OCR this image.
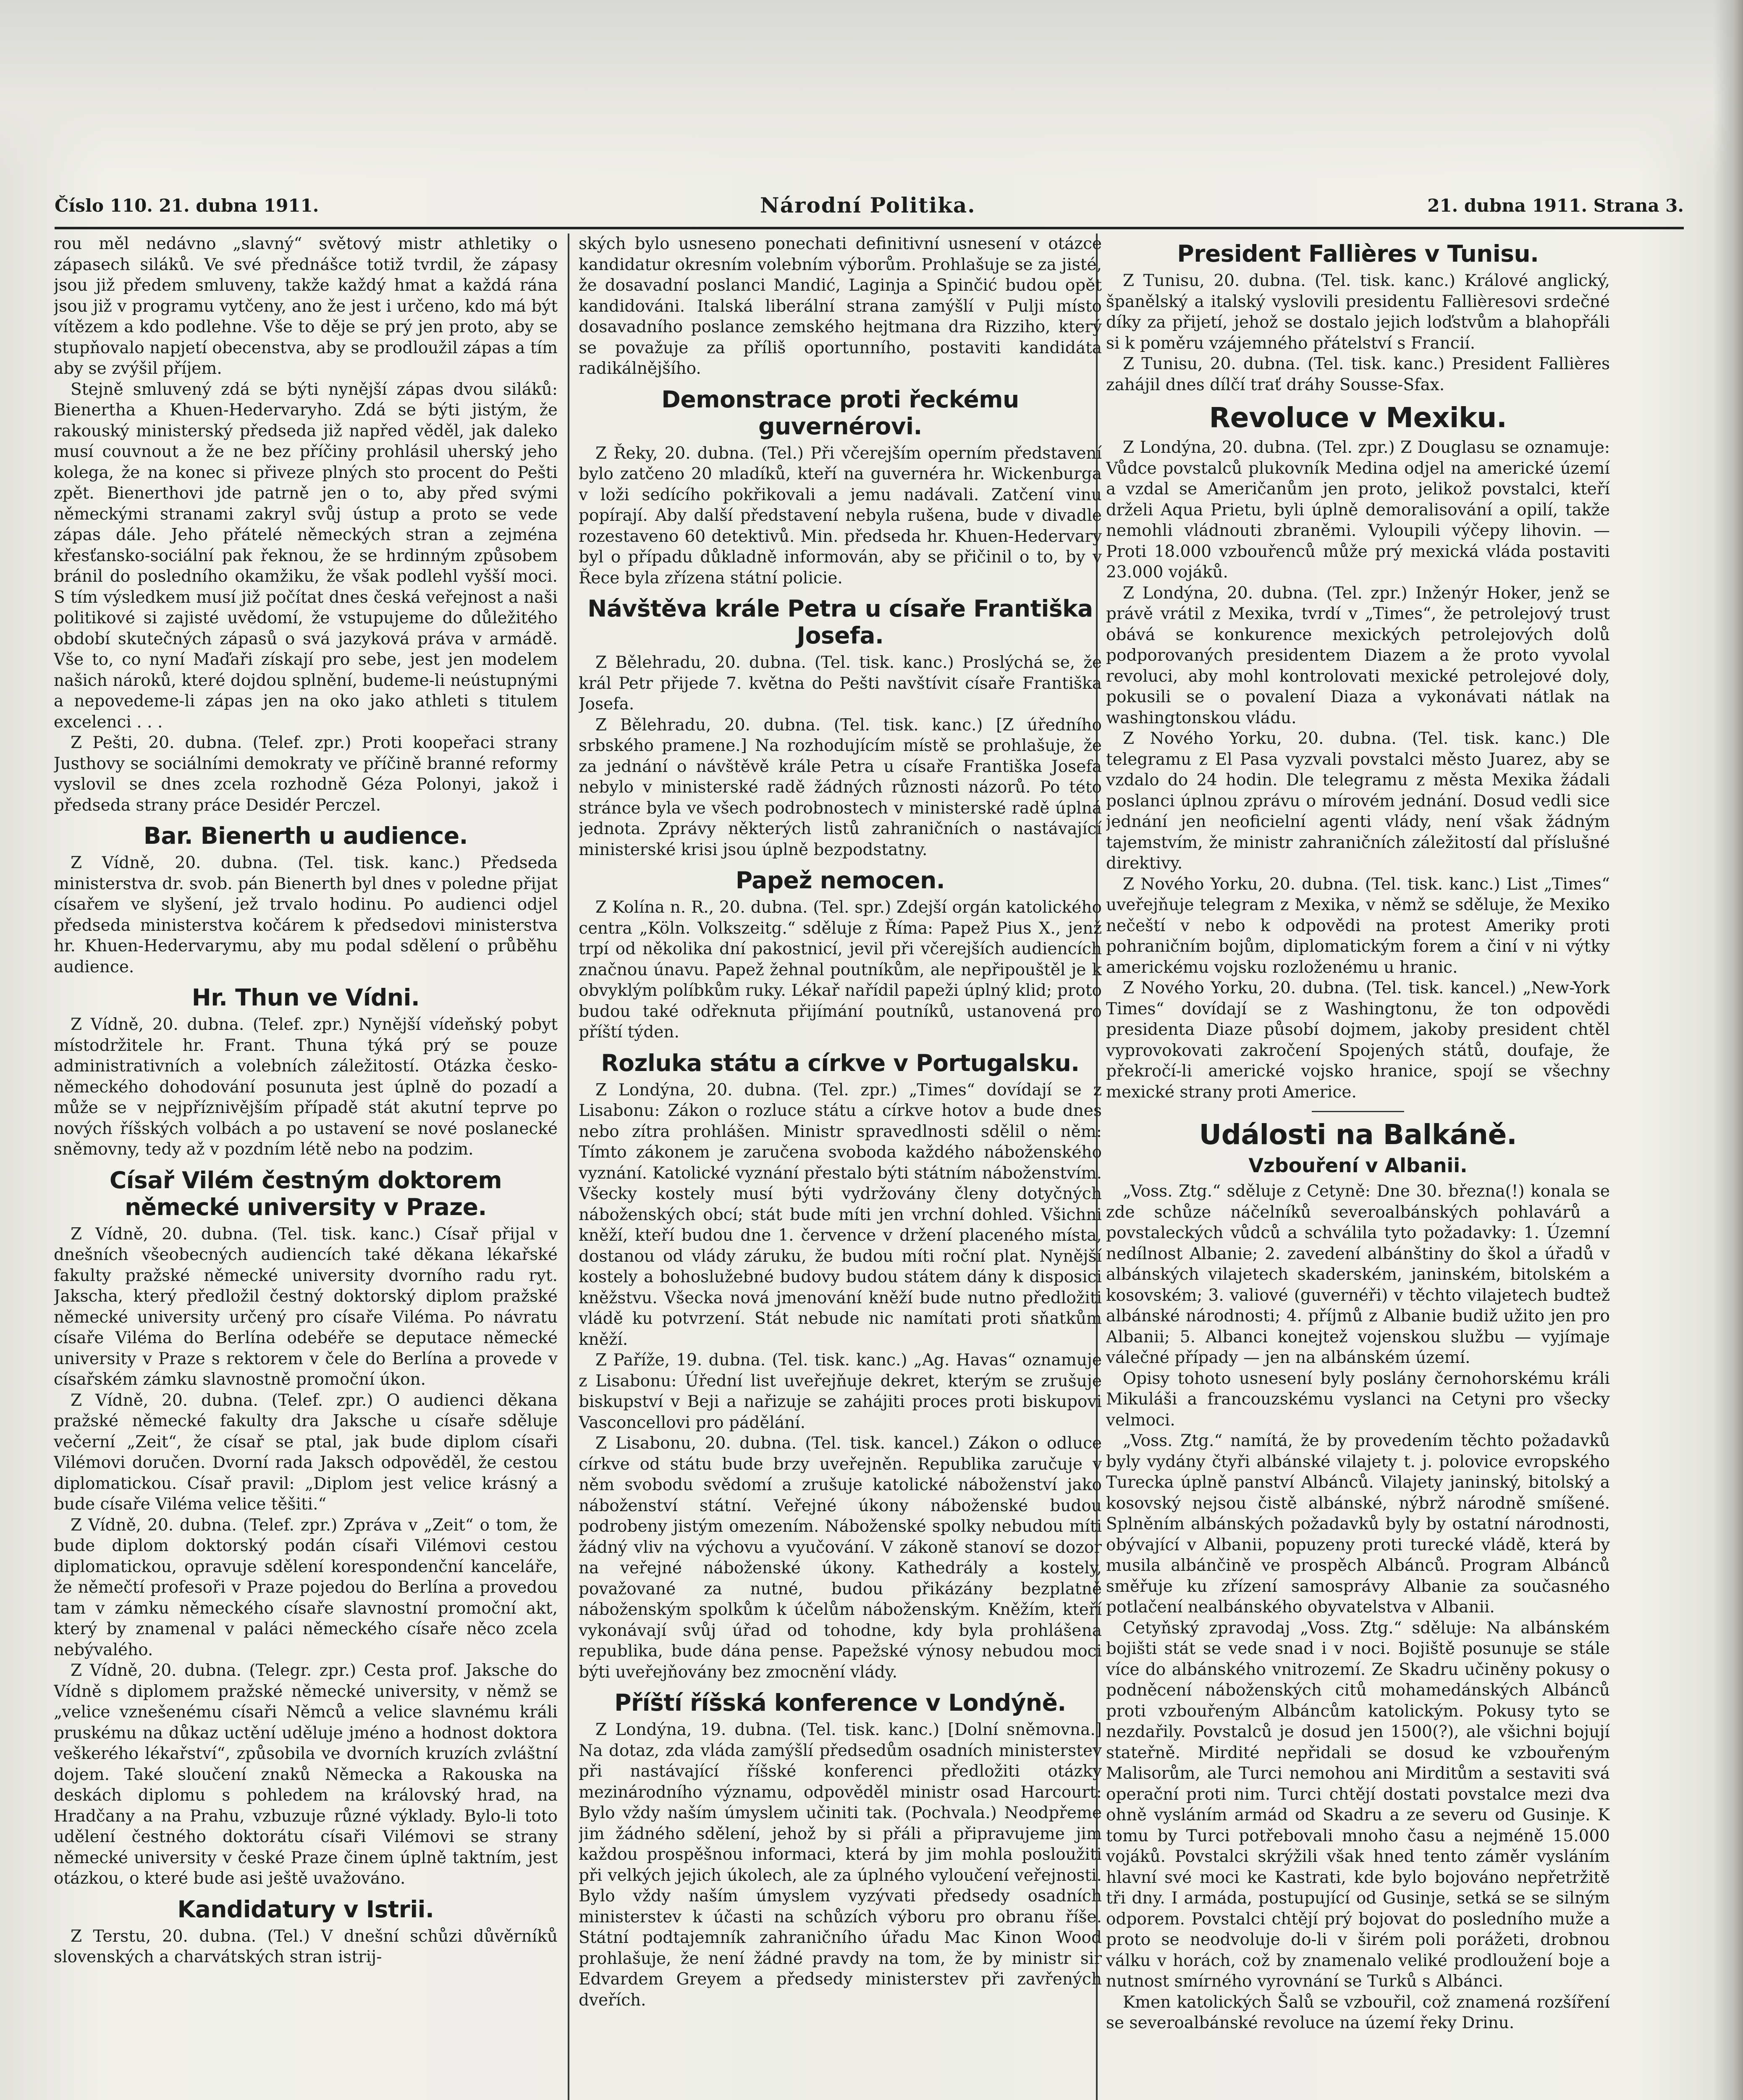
Číslo 110. 21. dubna 1911.	Národní Politika.	21. dubna 1911. Strana 3.

rou měl nedávno „slavný“ světový mistr athletiky o zápasech siláků. Ve své přednášce totiž tvrdil, že zápasy jsou již předem smluveny, takže každý hmat a každá rána jsou již v programu vytčeny, ano že jest i určeno, kdo má být vítězem a kdo podlehne. Vše to děje se prý jen proto, aby se stupňovalo napjetí obecenstva, aby se prodloužil zápas a tím aby se zvýšil příjem.

Stejně smluvený zdá se býti nynější zápas dvou siláků: Bienertha a Khuen-Hedervaryho. Zdá se býti jistým, že rakouský ministerský předseda již napřed věděl, jak daleko musí couvnout a že ne bez příčiny prohlásil uherský jeho kolega, že na konec si přiveze plných sto procent do Pešti zpět. Bienerthovi jde patrně jen o to, aby před svými německými stranami zakryl svůj ústup a proto se vede zápas dále. Jeho přátelé německých stran a zejména křesťansko-sociální pak řeknou, že se hrdinným způsobem bránil do posledního okamžiku, že však podlehl vyšší moci. S tím výsledkem musí již počítat dnes česká veřejnost a naši politikové si zajisté uvědomí, že vstupujeme do důležitého období skutečných zápasů o svá jazyková práva v armádě. Vše to, co nyní Maďaři získají pro sebe, jest jen modelem našich nároků, které dojdou splnění, budeme-li neústupnými a nepovedeme-li zápas jen na oko jako athleti s titulem excelenci . . .

Z Pešti, 20. dubna. (Telef. zpr.) Proti koopeřaci strany Justhovy se sociálními demokraty ve příčině branné reformy vyslovil se dnes zcela rozhodně Géza Polonyi, jakož i předseda strany práce Desidér Perczel.

Bar. Bienerth u audience.

Z Vídně, 20. dubna. (Tel. tisk. kanc.) Předseda ministerstva dr. svob. pán Bienerth byl dnes v poledne přijat císařem ve slyšení, jež trvalo hodinu. Po audienci odjel předseda ministerstva kočárem k předsedovi ministerstva hr. Khuen-Hedervarymu, aby mu podal sdělení o průběhu audience.

Hr. Thun ve Vídni.

Z Vídně, 20. dubna. (Telef. zpr.) Nynější vídeňský pobyt místodržitele hr. Frant. Thuna týká prý se pouze administrativních a volebních záležitostí. Otázka česko-německého dohodování posunuta jest úplně do pozadí a může se v nejpříznivějším případě stát akutní teprve po nových říšských volbách a po ustavení se nové poslanecké sněmovny, tedy až v pozdním létě nebo na podzim.

Císař Vilém čestným doktorem německé university v Praze.

Z Vídně, 20. dubna. (Tel. tisk. kanc.) Císař přijal v dnešních všeobecných audiencích také děkana lékařské fakulty pražské německé university dvorního radu ryt. Jakscha, který předložil čestný doktorský diplom pražské německé university určený pro císaře Viléma. Po návratu císaře Viléma do Berlína odebéře se deputace německé university v Praze s rektorem v čele do Berlína a provede v císařském zámku slavnostně promoční úkon.

Z Vídně, 20. dubna. (Telef. zpr.) O audienci děkana pražské německé fakulty dra Jaksche u císaře sděluje večerní „Zeit“, že císař se ptal, jak bude diplom císaři Vilémovi doručen. Dvorní rada Jaksch odpověděl, že cestou diplomatickou. Císař pravil: „Diplom jest velice krásný a bude císaře Viléma velice těšiti.“

Z Vídně, 20. dubna. (Telef. zpr.) Zpráva v „Zeit“ o tom, že bude diplom doktorský podán císaři Vilémovi cestou diplomatickou, opravuje sdělení korespondenční kanceláře, že němečtí profesoři v Praze pojedou do Berlína a provedou tam v zámku německého císaře slavnostní promoční akt, který by znamenal v paláci německého císaře něco zcela nebývalého.

Z Vídně, 20. dubna. (Telegr. zpr.) Cesta prof. Jaksche do Vídně s diplomem pražské německé university, v němž se „velice vznešenému císaři Němců a velice slavnému králi pruskému na důkaz uctění uděluje jméno a hodnost doktora veškerého lékařství“, způsobila ve dvorních kruzích zvláštní dojem. Také sloučení znaků Německa a Rakouska na deskách diplomu s pohledem na královský hrad, na Hradčany a na Prahu, vzbuzuje různé výklady. Bylo-li toto udělení čestného doktorátu císaři Vilémovi se strany německé university v české Praze činem úplně taktním, jest otázkou, o které bude asi ještě uvažováno.

Kandidatury v Istrii.

Z Terstu, 20. dubna. (Tel.) V dnešní schůzi důvěrníků slovenských a charvátských stran istrij-

ských bylo usneseno ponechati definitivní usnesení v otázce kandidatur okresním volebním výborům. Prohlašuje se za jisté, že dosavadní poslanci Mandić, Laginja a Spinčić budou opět kandidováni. Italská liberální strana zamýšlí v Pulji místo dosavadního poslance zemského hejtmana dra Rizziho, který se považuje za příliš oportunního, postaviti kandidáta radikálnějšího.

Demonstrace proti řeckému guvernérovi.

Z Řeky, 20. dubna. (Tel.) Při včerejším operním představení bylo zatčeno 20 mladíků, kteří na guvernéra hr. Wickenburga v loži sedícího pokřikovali a jemu nadávali. Zatčení vinu popírají. Aby další představení nebyla rušena, bude v divadle rozestaveno 60 detektivů. Min. předseda hr. Khuen-Hedervary byl o případu důkladně informován, aby se přičinil o to, by v Řece byla zřízena státní policie.

Návštěva krále Petra u císaře Františka Josefa.

Z Bělehradu, 20. dubna. (Tel. tisk. kanc.) Proslýchá se, že král Petr přijede 7. května do Pešti navštívit císaře Františka Josefa.

Z Bělehradu, 20. dubna. (Tel. tisk. kanc.) [Z úředního srbského pramene.] Na rozhodujícím místě se prohlašuje, že za jednání o návštěvě krále Petra u císaře Františka Josefa nebylo v ministerské radě žádných různosti názorů. Po této stránce byla ve všech podrobnostech v ministerské radě úplná jednota. Zprávy některých listů zahraničních o nastávající ministerské krisi jsou úplně bezpodstatny.

Papež nemocen.

Z Kolína n. R., 20. dubna. (Tel. spr.) Zdejší orgán katolického centra „Köln. Volkszeitg.“ sděluje z Říma: Papež Pius X., jenž trpí od několika dní pakostnicí, jevil při včerejších audiencích značnou únavu. Papež žehnal poutníkům, ale nepřipouštěl je k obvyklým políbkům ruky. Lékař nařídil papeži úplný klid; proto budou také odřeknuta přijímání poutníků, ustanovená pro příští týden.

Rozluka státu a církve v Portugalsku.

Z Londýna, 20. dubna. (Tel. zpr.) „Times“ dovídají se z Lisabonu: Zákon o rozluce státu a církve hotov a bude dnes nebo zítra prohlášen. Ministr spravedlnosti sdělil o něm: Tímto zákonem je zaručena svoboda každého náboženského vyznání. Katolické vyznání přestalo býti státním náboženstvím. Všecky kostely musí býti vydržovány členy dotyčných náboženských obcí; stát bude míti jen vrchní dohled. Všichni kněží, kteří budou dne 1. července v držení placeného místa, dostanou od vlády záruku, že budou míti roční plat. Nynější kostely a bohoslužebné budovy budou státem dány k disposici kněžstvu. Všecka nová jmenování kněží bude nutno předložiti vládě ku potvrzení. Stát nebude nic namítati proti sňatkům kněží.

Z Paříže, 19. dubna. (Tel. tisk. kanc.) „Ag. Havas“ oznamuje z Lisabonu: Úřední list uveřejňuje dekret, kterým se zrušuje biskupství v Beji a nařizuje se zahájiti proces proti biskupovi Vasconcellovi pro pádělání.

Z Lisabonu, 20. dubna. (Tel. tisk. kancel.) Zákon o odluce církve od státu bude brzy uveřejněn. Republika zaručuje v něm svobodu svědomí a zrušuje katolické náboženství jako náboženství státní. Veřejné úkony náboženské budou podrobeny jistým omezením. Náboženské spolky nebudou míti žádný vliv na výchovu a vyučování. V zákoně stanoví se dozor na veřejné náboženské úkony. Kathedrály a kostely, považované za nutné, budou přikázány bezplatně náboženským spolkům k účelům náboženským. Kněžím, kteří vykonávají svůj úřad od tohodne, kdy byla prohlášena republika, bude dána pense. Papežské výnosy nebudou moci býti uveřejňovány bez zmocnění vlády.

Příští říšská konference v Londýně.

Z Londýna, 19. dubna. (Tel. tisk. kanc.) [Dolní sněmovna.] Na dotaz, zda vláda zamýšlí předsedům osadních ministerstev při nastávající říšské konferenci předložiti otázky mezinárodního významu, odpověděl ministr osad Harcourt: Bylo vždy naším úmyslem učiniti tak. (Pochvala.) Neodpřeme jim žádného sdělení, jehož by si přáli a připravujeme jim každou prospěšnou informaci, která by jim mohla posloužiti při velkých jejich úkolech, ale za úplného vyloučení veřejnosti. Bylo vždy naším úmyslem vyzývati předsedy osadních ministerstev k účasti na schůzích výboru pro obranu říše. Státní podtajemník zahraničního úřadu Mac Kinon Wood prohlašuje, že není žádné pravdy na tom, že by ministr sir Edvardem Greyem a předsedy ministerstev při zavřených dveřích.

President Fallières v Tunisu.

Z Tunisu, 20. dubna. (Tel. tisk. kanc.) Králové anglický, španělský a italský vyslovili presidentu Fallièresovi srdečné díky za přijetí, jehož se dostalo jejich loďstvům a blahopřáli si k poměru vzájemného přátelství s Francií.

Z Tunisu, 20. dubna. (Tel. tisk. kanc.) President Fallières zahájil dnes dílčí trať dráhy Sousse-Sfax.

Revoluce v Mexiku.

Z Londýna, 20. dubna. (Tel. zpr.) Z Douglasu se oznamuje: Vůdce povstalců plukovník Medina odjel na americké území a vzdal se Američanům jen proto, jelikož povstalci, kteří drželi Aqua Prietu, byli úplně demoralisování a opilí, takže nemohli vládnouti zbraněmi. Vyloupili výčepy lihovin. — Proti 18.000 vzbouřenců může prý mexická vláda postaviti 23.000 vojáků.

Z Londýna, 20. dubna. (Tel. zpr.) Inženýr Hoker, jenž se právě vrátil z Mexika, tvrdí v „Times“, že petrolejový trust obává se konkurence mexických petrolejových dolů podporovaných presidentem Diazem a že proto vyvolal revoluci, aby mohl kontrolovati mexické petrolejové doly, pokusili se o povalení Diaza a vykonávati nátlak na washingtonskou vládu.

Z Nového Yorku, 20. dubna. (Tel. tisk. kanc.) Dle telegramu z El Pasa vyzvali povstalci město Juarez, aby se vzdalo do 24 hodin. Dle telegramu z města Mexika žádali poslanci úplnou zprávu o mírovém jednání. Dosud vedli sice jednání jen neoficielní agenti vlády, není však žádným tajemstvím, že ministr zahraničních záležitostí dal příslušné direktivy.

Z Nového Yorku, 20. dubna. (Tel. tisk. kanc.) List „Times“ uveřejňuje telegram z Mexika, v němž se sděluje, že Mexiko nečeští v nebo k odpovědi na protest Ameriky proti pohraničním bojům, diplomatickým forem a činí v ni výtky americkému vojsku rozloženému u hranic.

Z Nového Yorku, 20. dubna. (Tel. tisk. kancel.) „New-York Times“ dovídají se z Washingtonu, že ton odpovědi presidenta Diaze působí dojmem, jakoby president chtěl vyprovokovati zakročení Spojených států, doufaje, že překročí-li americké vojsko hranice, spojí se všechny mexické strany proti Americe.

Události na Balkáně.
Vzbouření v Albanii.

„Voss. Ztg.“ sděluje z Cetyně: Dne 30. března(!) konala se zde schůze náčelníků severoalbánských pohlavárů a povstaleckých vůdců a schválila tyto požadavky: 1. Územní nedílnost Albanie; 2. zavedení albánštiny do škol a úřadů v albánských vilajetech skaderském, janinském, bitolském a kosovském; 3. valiové (guvernéři) v těchto vilajetech budtež albánské národnosti; 4. příjmů z Albanie budiž užito jen pro Albanii; 5. Albanci konejtež vojenskou službu — vyjímaje válečné případy — jen na albánském území.

Opisy tohoto usnesení byly poslány černohorskému králi Mikuláši a francouzskému vyslanci na Cetyni pro všecky velmoci.

„Voss. Ztg.“ namítá, že by provedením těchto požadavků byly vydány čtyři albánské vilajety t. j. polovice evropského Turecka úplně panství Albánců. Vilajety janinský, bitolský a kosovský nejsou čistě albánské, nýbrž národně smíšené. Splněním albánských požadavků byly by ostatní národnosti, obývající v Albanii, popuzeny proti turecké vládě, která by musila albánčině ve prospěch Albánců. Program Albánců směřuje ku zřízení samosprávy Albanie za současného potlačení nealbánského obyvatelstva v Albanii.

Cetyňský zpravodaj „Voss. Ztg.“ sděluje: Na albánském bojišti stát se vede snad i v noci. Bojiště posunuje se stále více do albánského vnitrozemí. Ze Skadru učiněny pokusy o podněcení náboženských citů mohamedánských Albánců proti vzbouřeným Albáncům katolickým. Pokusy tyto se nezdařily. Povstalců je dosud jen 1500(?), ale všichni bojují stateřně. Mirdité nepřidali se dosud ke vzbouřeným Malisorům, ale Turci nemohou ani Mirditům a sestaviti svá operační proti nim. Turci chtějí dostati povstalce mezi dva ohně vysláním armád od Skadru a ze severu od Gusinje. K tomu by Turci potřebovali mnoho času a nejméně 15.000 vojáků. Povstalci skrýžili však hned tento záměr vysláním hlavní své moci ke Kastrati, kde bylo bojováno nepřetržitě tři dny. I armáda, postupující od Gusinje, setká se se silným odporem. Povstalci chtějí prý bojovat do posledního muže a proto se neodvoluje do-li v širém poli porážeti, drobnou válku v horách, což by znamenalo veliké prodloužení boje a nutnost smírného vyrovnání se Turků s Albánci.

Kmen katolických Šalů se vzbouřil, což znamená rozšíření se severoalbánské revoluce na území řeky Drinu.
